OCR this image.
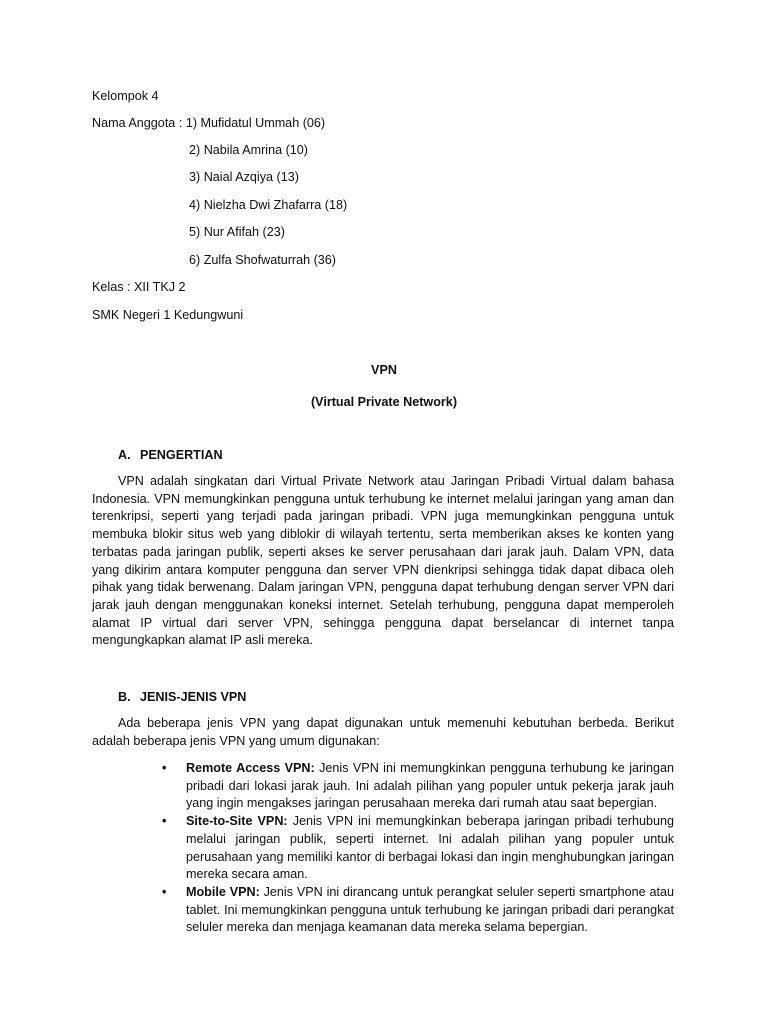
Kelompok 4
Nama Anggota : 1) Mufidatul Ummah (06)
2) Nabila Amrina (10)
3) Naial Azqiya (13)
4) Nielzha Dwi Zhafarra (18)
5) Nur Afifah (23)
6) Zulfa Shofwaturrah (36)
Kelas : XII TKJ 2
SMK Negeri 1 Kedungwuni
VPN
(Virtual Private Network)
A. PENGERTIAN
VPN adalah singkatan dari Virtual Private Network atau Jaringan Pribadi Virtual dalam bahasa Indonesia. VPN memungkinkan pengguna untuk terhubung ke internet melalui jaringan yang aman dan terenkripsi, seperti yang terjadi pada jaringan pribadi. VPN juga memungkinkan pengguna untuk membuka blokir situs web yang diblokir di wilayah tertentu, serta memberikan akses ke konten yang terbatas pada jaringan publik, seperti akses ke server perusahaan dari jarak jauh. Dalam VPN, data yang dikirim antara komputer pengguna dan server VPN dienkripsi sehingga tidak dapat dibaca oleh pihak yang tidak berwenang. Dalam jaringan VPN, pengguna dapat terhubung dengan server VPN dari jarak jauh dengan menggunakan koneksi internet. Setelah terhubung, pengguna dapat memperoleh alamat IP virtual dari server VPN, sehingga pengguna dapat berselancar di internet tanpa mengungkapkan alamat IP asli mereka.
B. JENIS-JENIS VPN
Ada beberapa jenis VPN yang dapat digunakan untuk memenuhi kebutuhan berbeda. Berikut adalah beberapa jenis VPN yang umum digunakan:
• Remote Access VPN: Jenis VPN ini memungkinkan pengguna terhubung ke jaringan pribadi dari lokasi jarak jauh. Ini adalah pilihan yang populer untuk pekerja jarak jauh yang ingin mengakses jaringan perusahaan mereka dari rumah atau saat bepergian.
• Site-to-Site VPN: Jenis VPN ini memungkinkan beberapa jaringan pribadi terhubung melalui jaringan publik, seperti internet. Ini adalah pilihan yang populer untuk perusahaan yang memiliki kantor di berbagai lokasi dan ingin menghubungkan jaringan mereka secara aman.
• Mobile VPN: Jenis VPN ini dirancang untuk perangkat seluler seperti smartphone atau tablet. Ini memungkinkan pengguna untuk terhubung ke jaringan pribadi dari perangkat seluler mereka dan menjaga keamanan data mereka selama bepergian.
